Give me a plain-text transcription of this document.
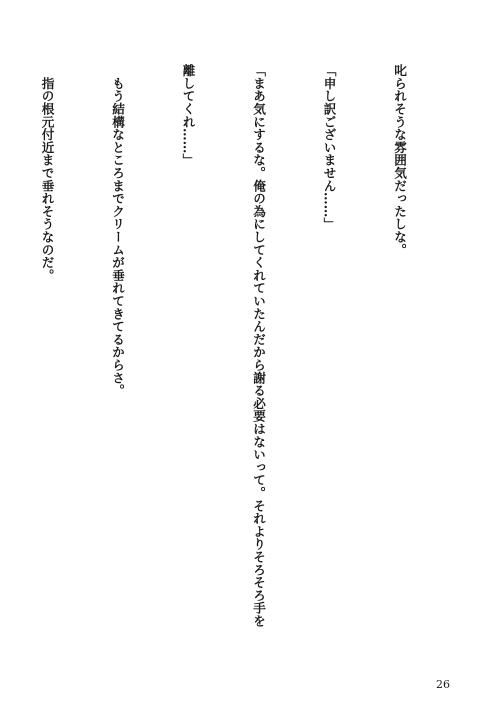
叱られそうな雰囲気だったしな。

「申し訳ございません……」

「まあ気にするな。俺の為にしてくれていたんだから謝る必要はないって。それよりそろそろ手を

離してくれ……」

　もう結構なところまでクリームが垂れてきてるからさ。

　指の根元付近まで垂れそうなのだ。

26
